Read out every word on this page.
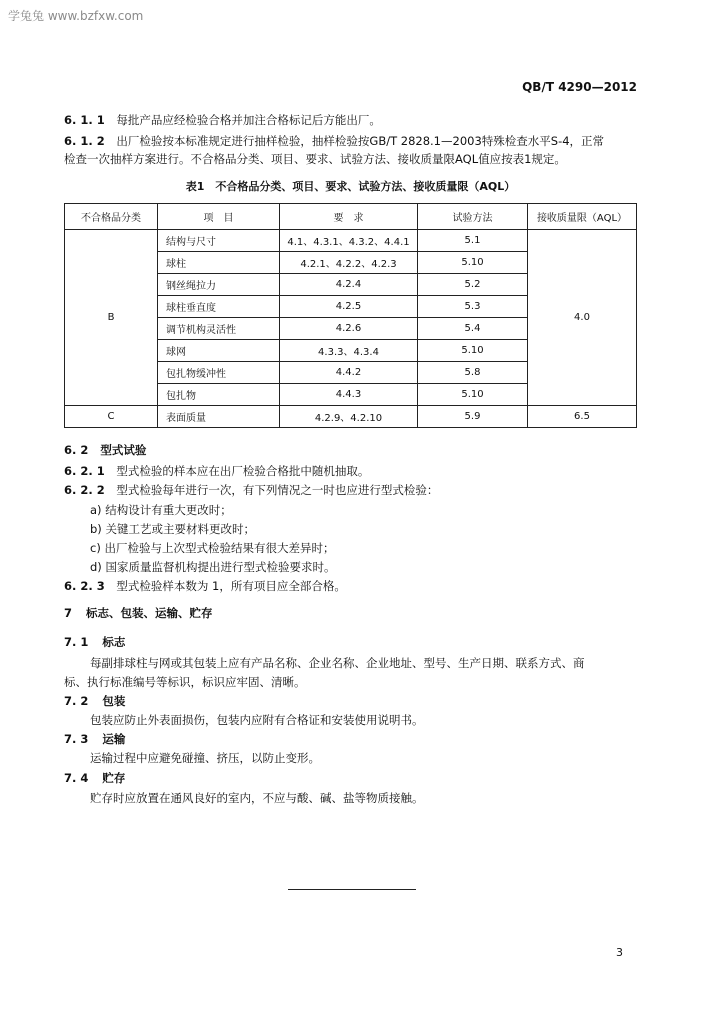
学兔兔 www.bzfxw.com
QB/T 4290—2012
6. 1. 1 每批产品应经检验合格并加注合格标记后方能出厂。
6. 1. 2 出厂检验按本标准规定进行抽样检验，抽样检验按GB/T 2828.1—2003特殊检查水平S-4，正常
检查一次抽样方案进行。不合格品分类、项目、要求、试验方法、接收质量限AQL值应按表1规定。
表1　不合格品分类、项目、要求、试验方法、接收质量限（AQL）
不合格品分类	项　目	要　求	试验方法	接收质量限（AQL）
B	结构与尺寸	4.1、4.3.1、4.3.2、4.4.1	5.1	4.0
	球柱	4.2.1、4.2.2、4.2.3	5.10	
	钢丝绳拉力	4.2.4	5.2	
	球柱垂直度	4.2.5	5.3	
	调节机构灵活性	4.2.6	5.4	
	球网	4.3.3、4.3.4	5.10	
	包扎物缓冲性	4.4.2	5.8	
	包扎物	4.4.3	5.10	
C	表面质量	4.2.9、4.2.10	5.9	6.5
6. 2 型式试验
6. 2. 1 型式检验的样本应在出厂检验合格批中随机抽取。
6. 2. 2 型式检验每年进行一次，有下列情况之一时也应进行型式检验：
a) 结构设计有重大更改时；
b) 关键工艺或主要材料更改时；
c) 出厂检验与上次型式检验结果有很大差异时；
d) 国家质量监督机构提出进行型式检验要求时。
6. 2. 3 型式检验样本数为 1，所有项目应全部合格。
7 标志、包装、运输、贮存
7. 1 标志
每副排球柱与网或其包装上应有产品名称、企业名称、企业地址、型号、生产日期、联系方式、商
标、执行标准编号等标识，标识应牢固、清晰。
7. 2 包装
包装应防止外表面损伤，包装内应附有合格证和安装使用说明书。
7. 3 运输
运输过程中应避免碰撞、挤压，以防止变形。
7. 4 贮存
贮存时应放置在通风良好的室内，不应与酸、碱、盐等物质接触。
3
